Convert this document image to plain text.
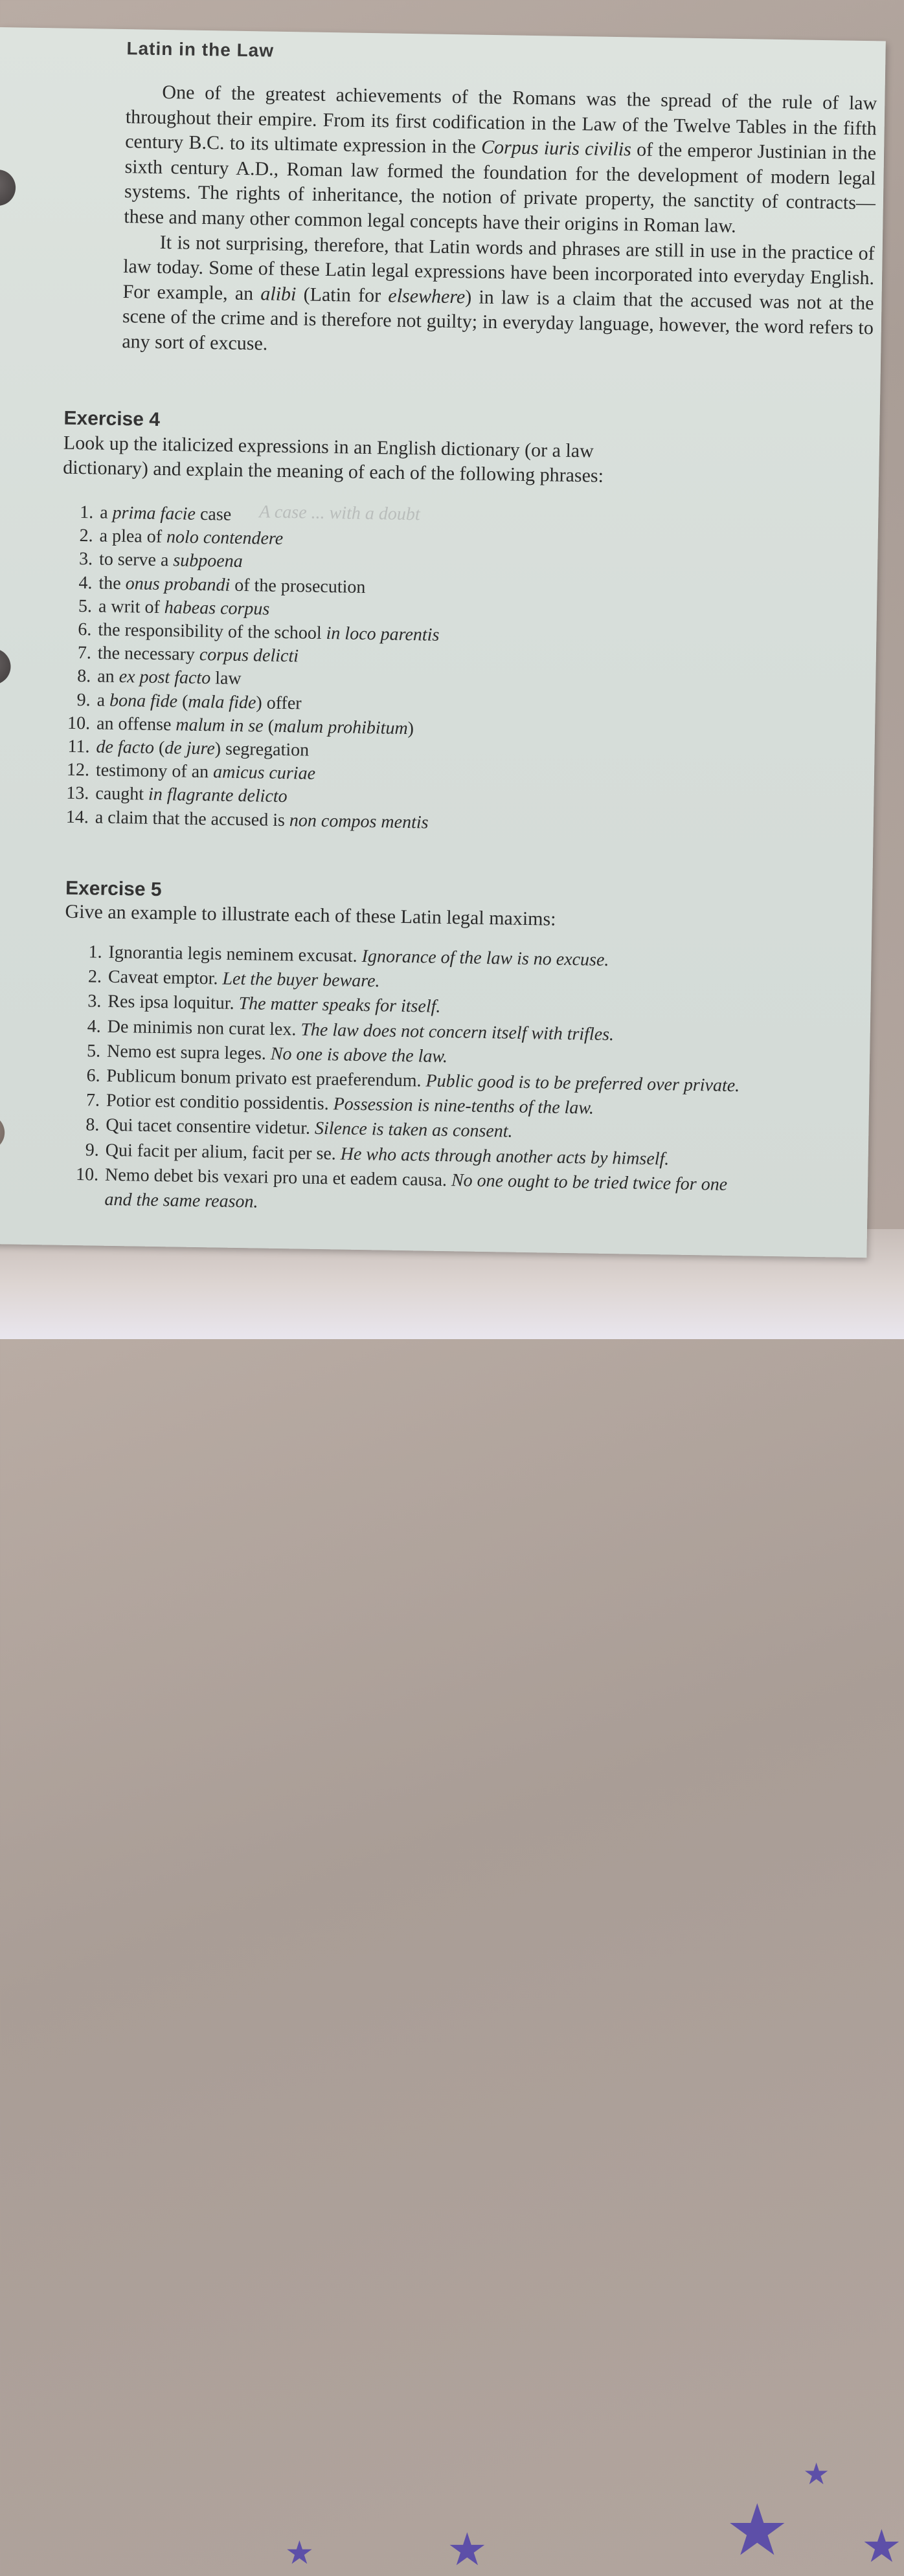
★
★	★
★
★
Latin in the Law

One of the greatest achievements of the Romans was the spread of the rule of law throughout their empire. From its first codification in the Law of the Twelve Tables in the fifth century B.C. to its ultimate expression in the Corpus iuris civilis of the emperor Justinian in the sixth century A.D., Roman law formed the foundation for the development of modern legal systems. The rights of inheritance, the notion of private property, the sanctity of contracts—these and many other common legal concepts have their origins in Roman law.

It is not surprising, therefore, that Latin words and phrases are still in use in the practice of law today. Some of these Latin legal expressions have been incorporated into everyday English. For example, an alibi (Latin for elsewhere) in law is a claim that the accused was not at the scene of the crime and is therefore not guilty; in everyday language, however, the word refers to any sort of excuse.

Exercise 4
Look up the italicized expressions in an English dictionary (or a law
dictionary) and explain the meaning of each of the following phrases:
A case ... with a doubt
1. a prima facie case
2. a plea of nolo contendere
3. to serve a subpoena
4. the onus probandi of the prosecution
5. a writ of habeas corpus
6. the responsibility of the school in loco parentis
7. the necessary corpus delicti
8. an ex post facto law
9. a bona fide (mala fide) offer
10. an offense malum in se (malum prohibitum)
11. de facto (de jure) segregation
12. testimony of an amicus curiae
13. caught in flagrante delicto
14. a claim that the accused is non compos mentis
Exercise 5
Give an example to illustrate each of these Latin legal maxims:
1. Ignorantia legis neminem excusat. Ignorance of the law is no excuse.
2. Caveat emptor. Let the buyer beware.
3. Res ipsa loquitur. The matter speaks for itself.
4. De minimis non curat lex. The law does not concern itself with trifles.
5. Nemo est supra leges. No one is above the law.
6. Publicum bonum privato est praeferendum. Public good is to be preferred over private.
7. Potior est conditio possidentis. Possession is nine-tenths of the law.
8. Qui tacet consentire videtur. Silence is taken as consent.
9. Qui facit per alium, facit per se. He who acts through another acts by himself.
10. Nemo debet bis vexari pro una et eadem causa. No one ought to be tried twice for one
and the same reason.
